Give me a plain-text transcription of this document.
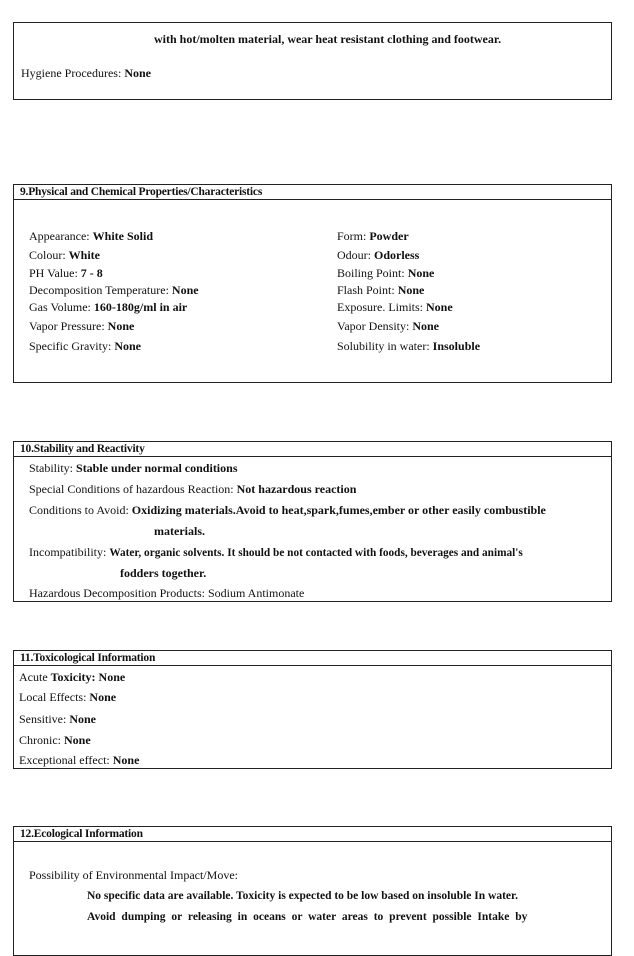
with hot/molten material, wear heat resistant clothing and footwear.
Hygiene Procedures: None
9.Physical and Chemical Properties/Characteristics
Appearance: White Solid
Colour: White
PH Value: 7 - 8
Decomposition Temperature: None
Gas Volume: 160-180g/ml in air
Vapor Pressure: None
Specific Gravity: None
Form: Powder
Odour: Odorless
Boiling Point: None
Flash Point: None
Exposure. Limits: None
Vapor Density: None
Solubility in water: Insoluble
10.Stability and Reactivity
Stability: Stable under normal conditions
Special Conditions of hazardous Reaction: Not hazardous reaction
Conditions to Avoid: Oxidizing materials.Avoid to heat,spark,fumes,ember or other easily combustible
materials.
Incompatibility: Water, organic solvents. It should be not contacted with foods, beverages and animal's
fodders together.
Hazardous Decomposition Products: Sodium Antimonate
11.Toxicological Information
Acute Toxicity: None
Local Effects: None
Sensitive: None
Chronic: None
Exceptional effect: None
12.Ecological Information
Possibility of Environmental Impact/Move:
No specific data are available. Toxicity is expected to be low based on insoluble In water.
Avoid dumping or releasing in oceans or water areas to prevent possible Intake by
